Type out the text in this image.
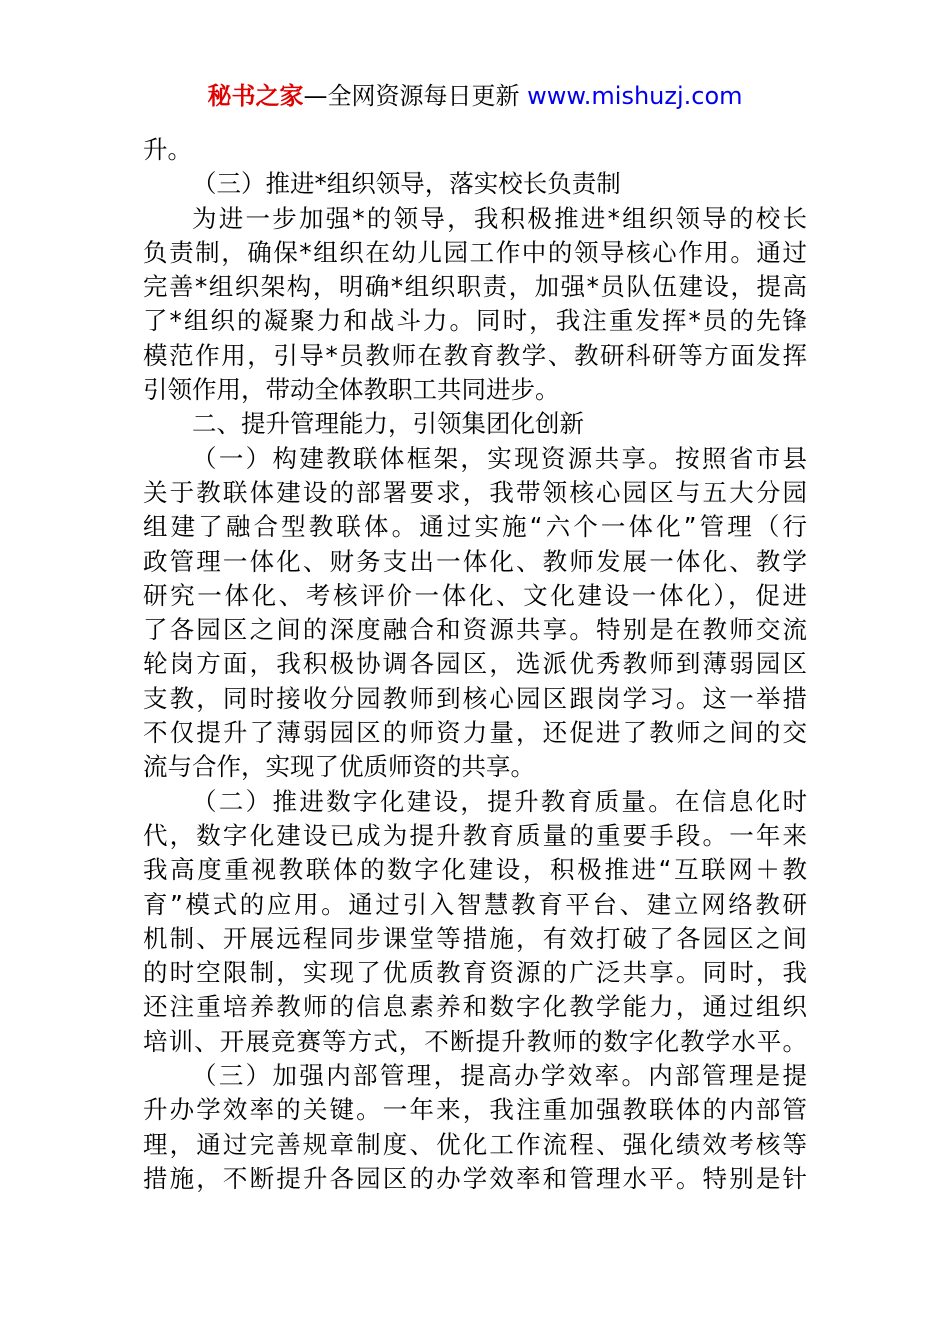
秘书之家—全网资源每日更新 www.mishuzj.com
升。
（三）推进*组织领导，落实校长负责制
为进一步加强*的领导，我积极推进*组织领导的校长
负责制，确保*组织在幼儿园工作中的领导核心作用。通过
完善*组织架构，明确*组织职责，加强*员队伍建设，提高
了*组织的凝聚力和战斗力。同时，我注重发挥*员的先锋
模范作用，引导*员教师在教育教学、教研科研等方面发挥
引领作用，带动全体教职工共同进步。
二、提升管理能力，引领集团化创新
（一）构建教联体框架，实现资源共享。按照省市县
关于教联体建设的部署要求，我带领核心园区与五大分园
组建了融合型教联体。通过实施“六个一体化”管理（行
政管理一体化、财务支出一体化、教师发展一体化、教学
研究一体化、考核评价一体化、文化建设一体化），促进
了各园区之间的深度融合和资源共享。特别是在教师交流
轮岗方面，我积极协调各园区，选派优秀教师到薄弱园区
支教，同时接收分园教师到核心园区跟岗学习。这一举措
不仅提升了薄弱园区的师资力量，还促进了教师之间的交
流与合作，实现了优质师资的共享。
（二）推进数字化建设，提升教育质量。在信息化时
代，数字化建设已成为提升教育质量的重要手段。一年来
我高度重视教联体的数字化建设，积极推进“互联网＋教
育”模式的应用。通过引入智慧教育平台、建立网络教研
机制、开展远程同步课堂等措施，有效打破了各园区之间
的时空限制，实现了优质教育资源的广泛共享。同时，我
还注重培养教师的信息素养和数字化教学能力，通过组织
培训、开展竞赛等方式，不断提升教师的数字化教学水平。
（三）加强内部管理，提高办学效率。内部管理是提
升办学效率的关键。一年来，我注重加强教联体的内部管
理，通过完善规章制度、优化工作流程、强化绩效考核等
措施，不断提升各园区的办学效率和管理水平。特别是针
